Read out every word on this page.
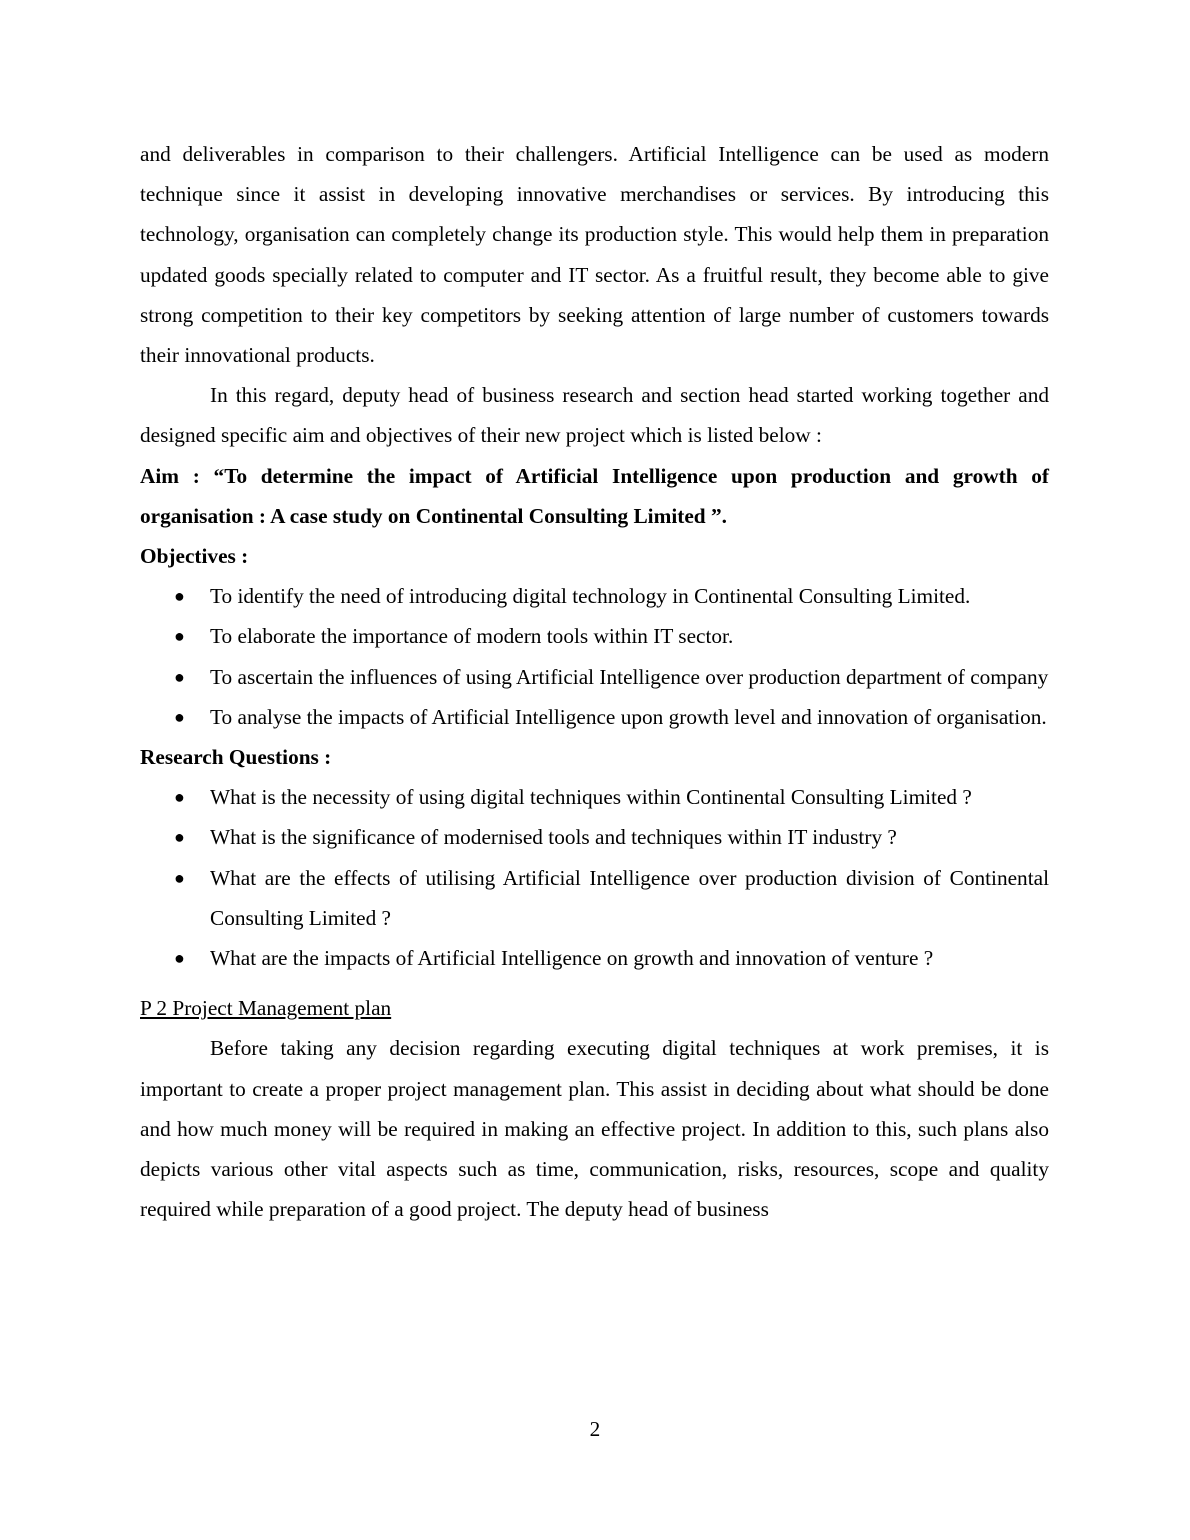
and deliverables in comparison to their challengers. Artificial Intelligence can be used as modern technique since it assist in developing innovative merchandises or services. By introducing this technology, organisation can completely change its production style. This would help them in preparation updated goods specially related to computer and IT sector. As a fruitful result, they become able to give strong competition to their key competitors by seeking attention of large number of customers towards their innovational products.

In this regard, deputy head of business research and section head started working together and designed specific aim and objectives of their new project which is listed below :

Aim : “To determine the impact of Artificial Intelligence upon production and growth of organisation : A case study on Continental Consulting Limited ”.

Objectives :

● To identify the need of introducing digital technology in Continental Consulting Limited.
● To elaborate the importance of modern tools within IT sector.
● To ascertain the influences of using Artificial Intelligence over production department of company
● To analyse the impacts of Artificial Intelligence upon growth level and innovation of organisation.

Research Questions :

● What is the necessity of using digital techniques within Continental Consulting Limited ?
● What is the significance of modernised tools and techniques within IT industry ?
● What are the effects of utilising Artificial Intelligence over production division of Continental Consulting Limited ?
● What are the impacts of Artificial Intelligence on growth and innovation of venture ?

P 2 Project Management plan

Before taking any decision regarding executing digital techniques at work premises, it is important to create a proper project management plan. This assist in deciding about what should be done and how much money will be required in making an effective project. In addition to this, such plans also depicts various other vital aspects such as time, communication, risks, resources, scope and quality required while preparation of a good project. The deputy head of business

2
